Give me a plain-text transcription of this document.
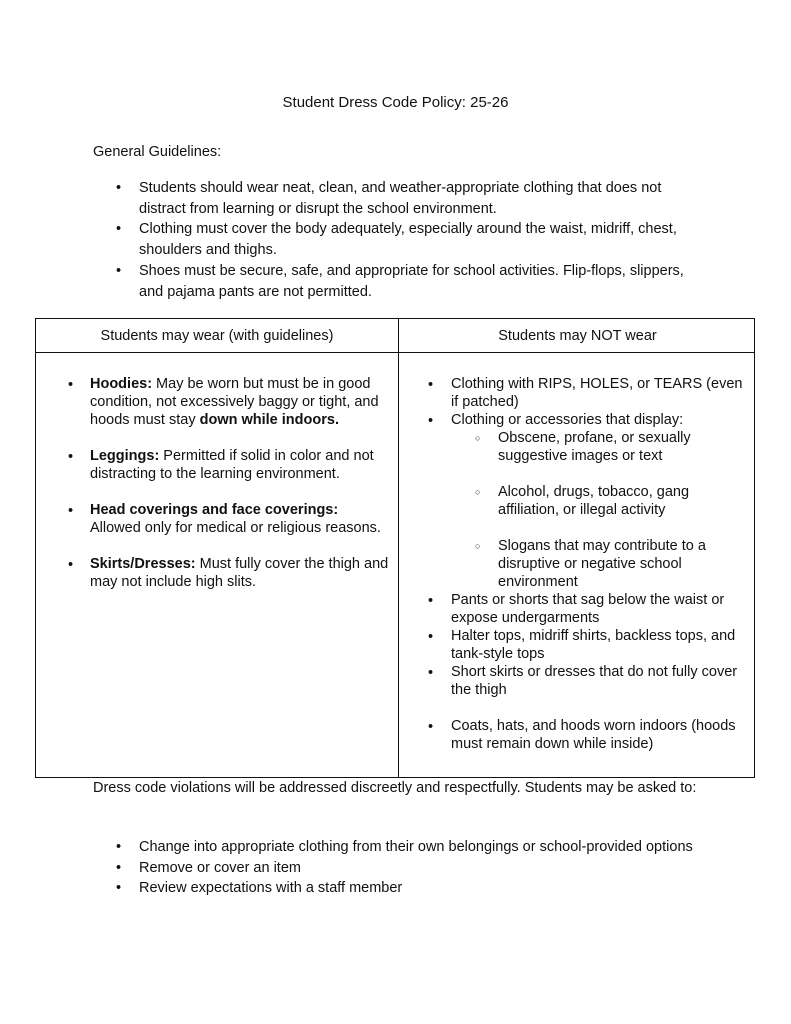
Student Dress Code Policy: 25-26
General Guidelines:
• Students should wear neat, clean, and weather-appropriate clothing that does not distract from learning or disrupt the school environment.
• Clothing must cover the body adequately, especially around the waist, midriff, chest, shoulders and thighs.
• Shoes must be secure, safe, and appropriate for school activities. Flip-flops, slippers, and pajama pants are not permitted.
Students may wear (with guidelines)	Students may NOT wear
• Hoodies: May be worn but must be in good condition, not excessively baggy or tight, and hoods must stay down while indoors.
• Leggings: Permitted if solid in color and not distracting to the learning environment.
• Head coverings and face coverings: Allowed only for medical or religious reasons.
• Skirts/Dresses: Must fully cover the thigh and may not include high slits.
• Clothing with RIPS, HOLES, or TEARS (even if patched)
• Clothing or accessories that display:
○ Obscene, profane, or sexually suggestive images or text
○ Alcohol, drugs, tobacco, gang affiliation, or illegal activity
○ Slogans that may contribute to a disruptive or negative school environment
• Pants or shorts that sag below the waist or expose undergarments
• Halter tops, midriff shirts, backless tops, and tank-style tops
• Short skirts or dresses that do not fully cover the thigh
• Coats, hats, and hoods worn indoors (hoods must remain down while inside)
Dress code violations will be addressed discreetly and respectfully. Students may be asked to:
• Change into appropriate clothing from their own belongings or school-provided options
• Remove or cover an item
• Review expectations with a staff member
